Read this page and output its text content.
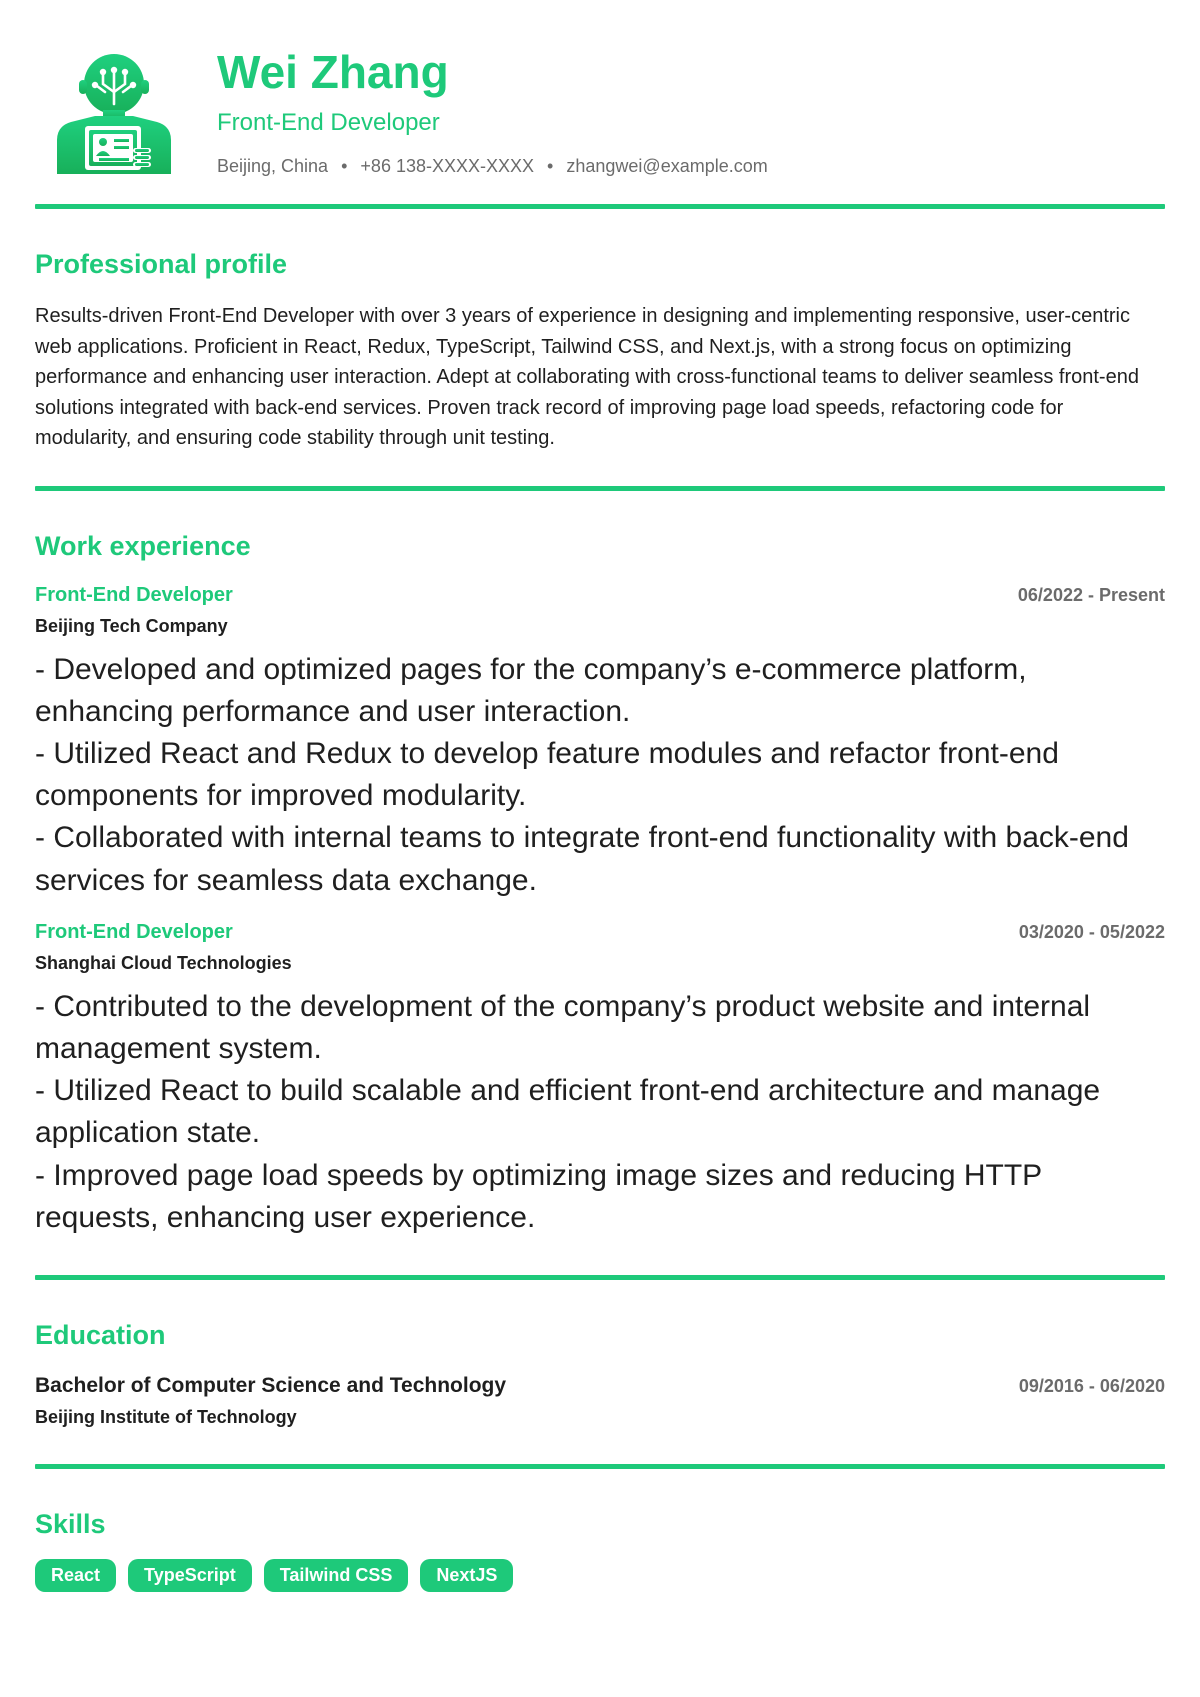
Wei Zhang
Front-End Developer
Beijing, China • +86 138-XXXX-XXXX • zhangwei@example.com
Professional profile
Results-driven Front-End Developer with over 3 years of experience in designing and implementing responsive, user-centric web applications. Proficient in React, Redux, TypeScript, Tailwind CSS, and Next.js, with a strong focus on optimizing performance and enhancing user interaction. Adept at collaborating with cross-functional teams to deliver seamless front-end solutions integrated with back-end services. Proven track record of improving page load speeds, refactoring code for modularity, and ensuring code stability through unit testing.
Work experience
Front-End Developer	06/2022 - Present
Beijing Tech Company
- Developed and optimized pages for the company’s e-commerce platform, enhancing performance and user interaction.
- Utilized React and Redux to develop feature modules and refactor front-end components for improved modularity.
- Collaborated with internal teams to integrate front-end functionality with back-end services for seamless data exchange.
Front-End Developer	03/2020 - 05/2022
Shanghai Cloud Technologies
- Contributed to the development of the company’s product website and internal management system.
- Utilized React to build scalable and efficient front-end architecture and manage application state.
- Improved page load speeds by optimizing image sizes and reducing HTTP requests, enhancing user experience.
Education
Bachelor of Computer Science and Technology	09/2016 - 06/2020
Beijing Institute of Technology
Skills
React	TypeScript	Tailwind CSS	NextJS
